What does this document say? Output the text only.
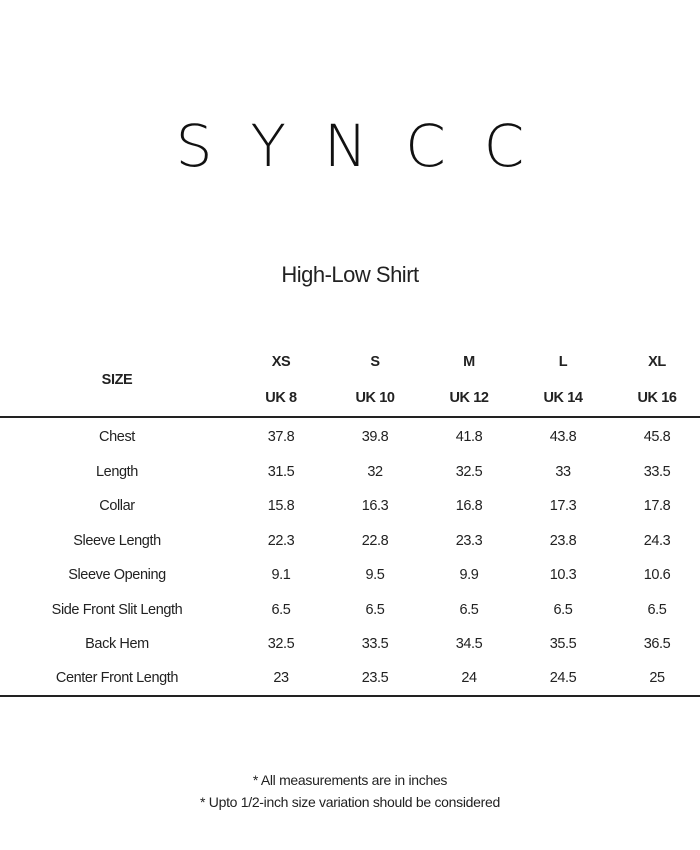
SYNCC
High-Low Shirt
SIZE	XS	S	M	L	XL	
	UK 8	UK 10	UK 12	UK 14	UK 16	
Chest	37.8	39.8	41.8	43.8	45.8	
Length	31.5	32	32.5	33	33.5	
Collar	15.8	16.3	16.8	17.3	17.8	
Sleeve Length	22.3	22.8	23.3	23.8	24.3	
Sleeve Opening	9.1	9.5	9.9	10.3	10.6	
Side Front Slit Length	6.5	6.5	6.5	6.5	6.5	
Back Hem	32.5	33.5	34.5	35.5	36.5	
Center Front Length	23	23.5	24	24.5	25	
* All measurements are in inches
* Upto 1/2-inch size variation should be considered
